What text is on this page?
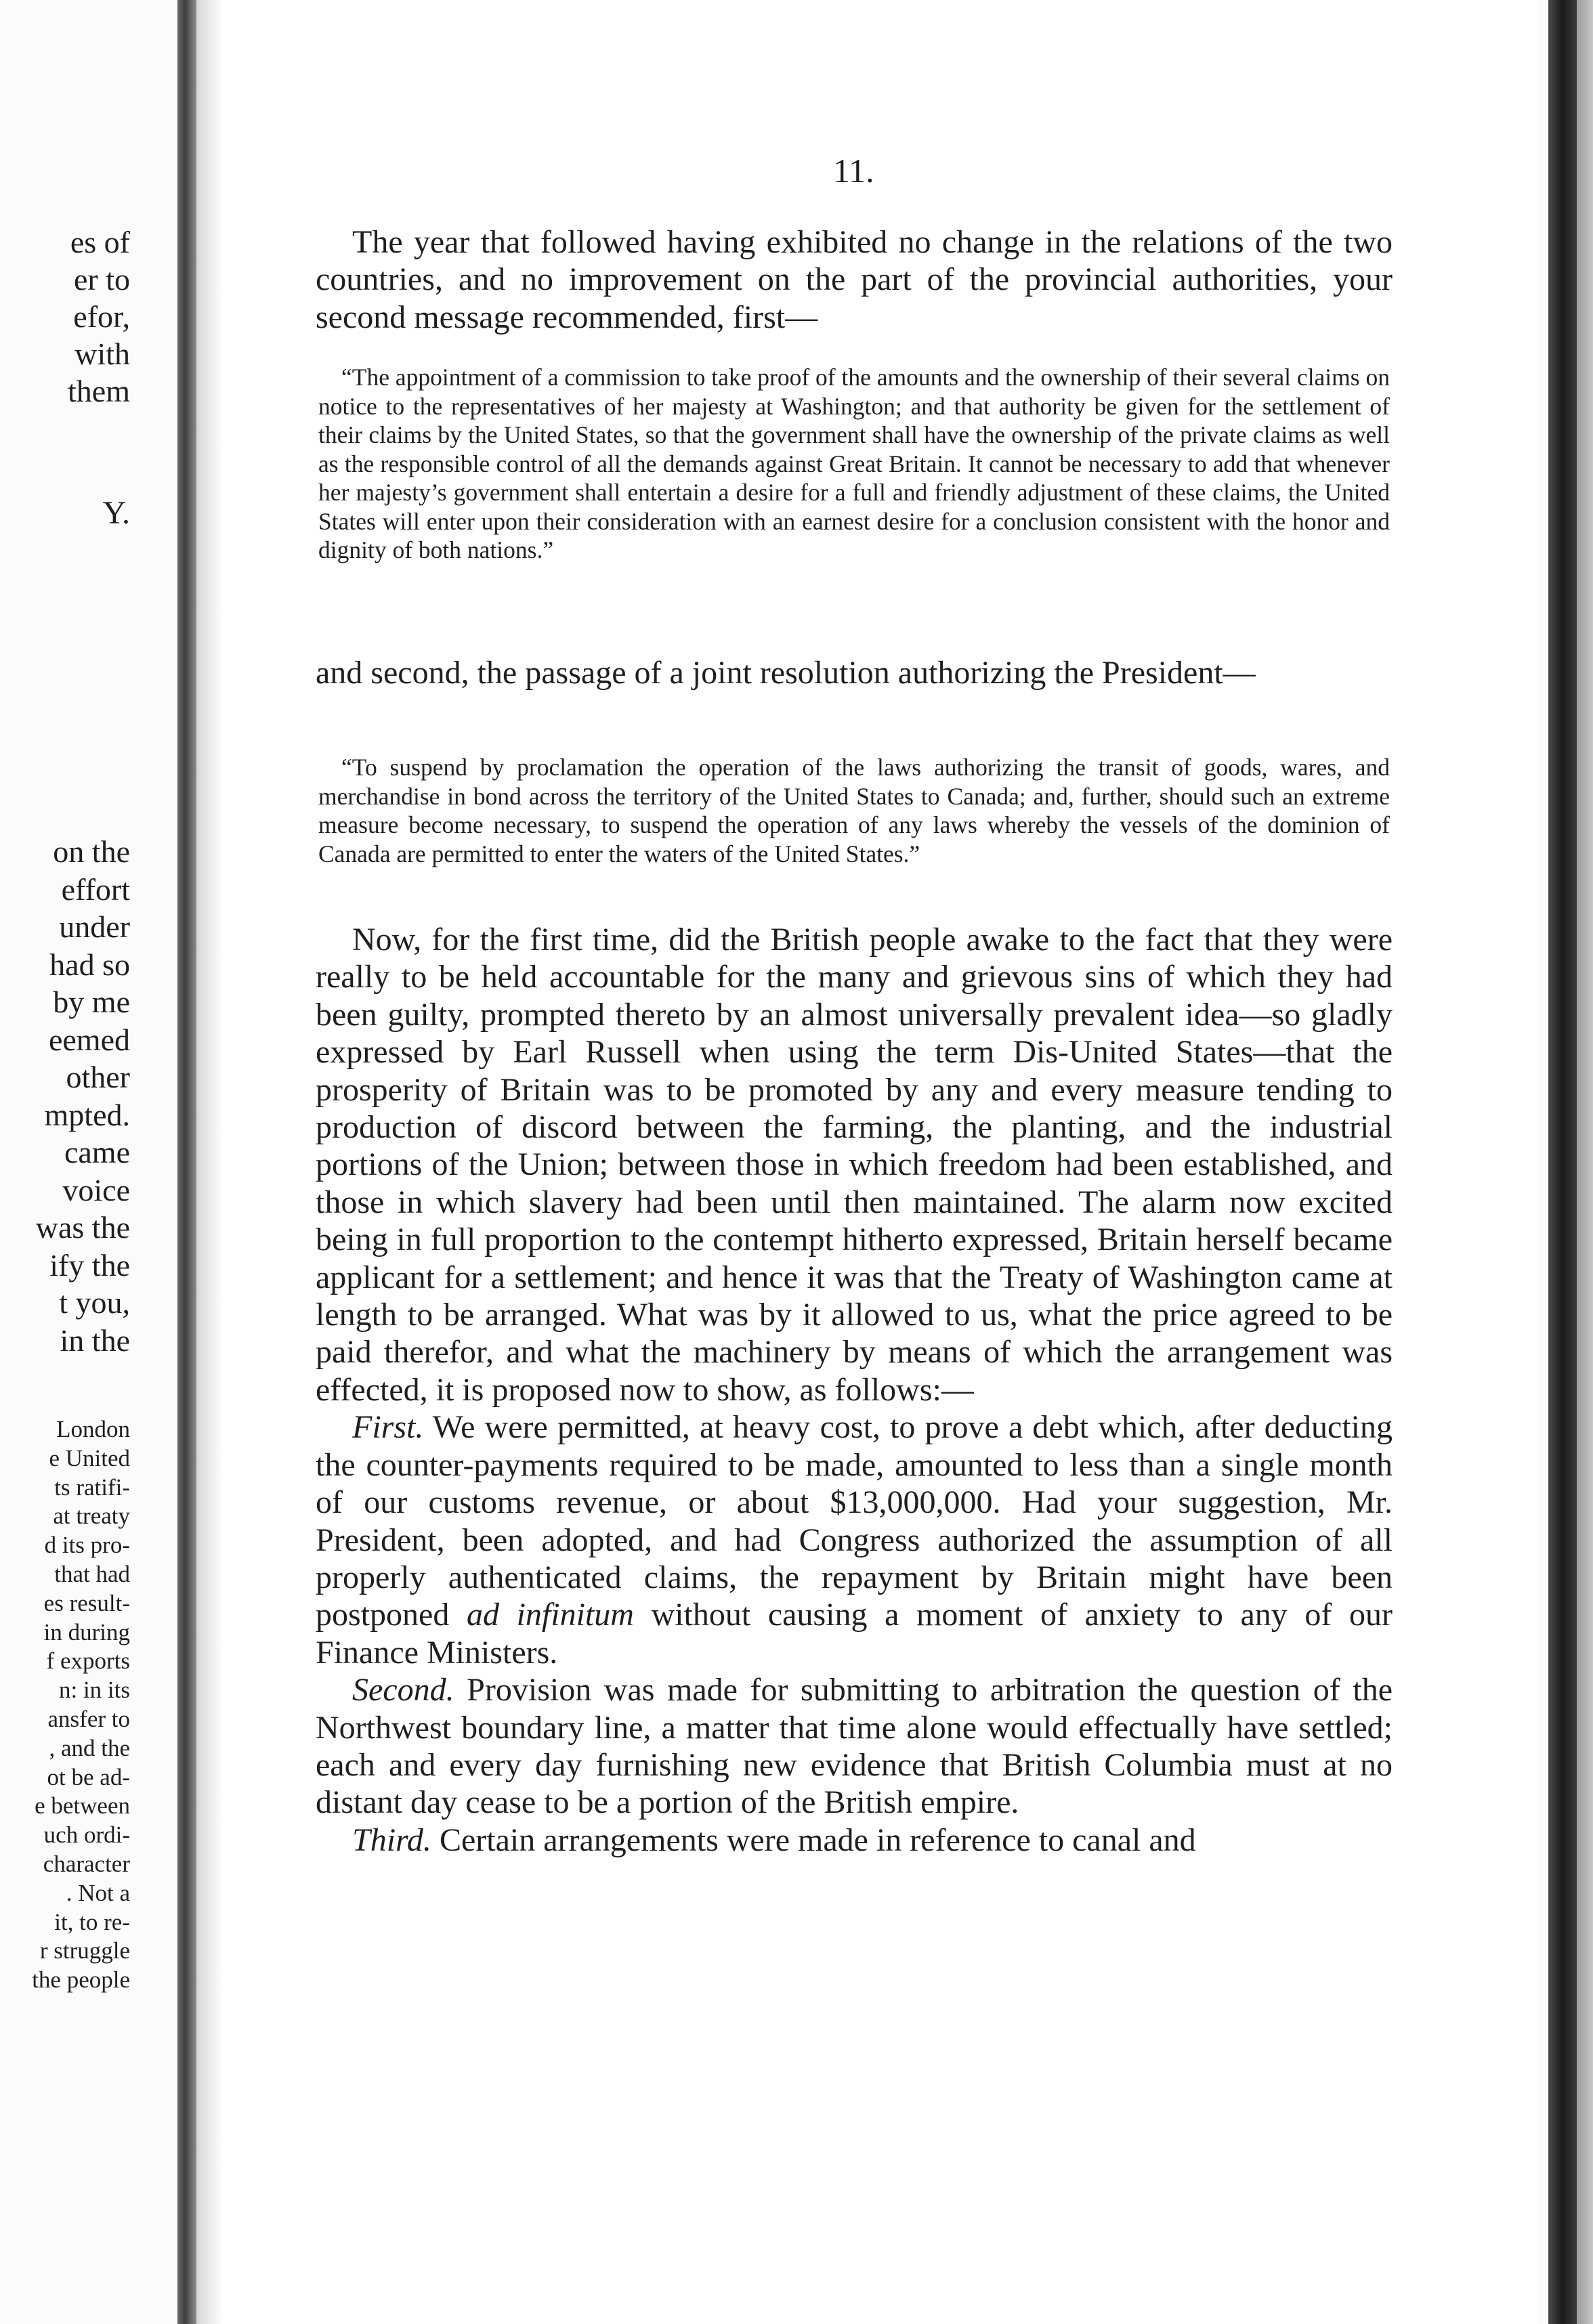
es of
er to
efor,
with
them
Y.
on the
effort
under
had so
by me
eemed
other
mpted.
came
voice
was the
ify the
t you,
in the
London
e United
ts ratifi-
at treaty
d its pro-
that had
es result-
in during
f exports
n: in its
ansfer to
, and the
ot be ad-
e between
uch ordi-
character
. Not a
it, to re-
r struggle
the people
11.

The year that followed having exhibited no change in the relations of the two countries, and no improvement on the part of the provincial authorities, your second message recommended, first—

“The appointment of a commission to take proof of the amounts and the ownership of their several claims on notice to the representatives of her majesty at Washington; and that authority be given for the settlement of their claims by the United States, so that the government shall have the ownership of the private claims as well as the responsible control of all the demands against Great Britain. It cannot be necessary to add that whenever her majesty’s government shall entertain a desire for a full and friendly adjustment of these claims, the United States will enter upon their consideration with an earnest desire for a conclusion consistent with the honor and dignity of both nations.”

and second, the passage of a joint resolution authorizing the President—

“To suspend by proclamation the operation of the laws authorizing the transit of goods, wares, and merchandise in bond across the territory of the United States to Canada; and, further, should such an extreme measure become necessary, to suspend the operation of any laws whereby the vessels of the dominion of Canada are permitted to enter the waters of the United States.”

Now, for the first time, did the British people awake to the fact that they were really to be held accountable for the many and grievous sins of which they had been guilty, prompted thereto by an almost universally prevalent idea—so gladly expressed by Earl Russell when using the term Dis-United States—that the prosperity of Britain was to be promoted by any and every measure tending to production of discord between the farming, the planting, and the industrial portions of the Union; between those in which freedom had been established, and those in which slavery had been until then maintained. The alarm now excited being in full proportion to the contempt hitherto expressed, Britain herself became applicant for a settlement; and hence it was that the Treaty of Washington came at length to be arranged. What was by it allowed to us, what the price agreed to be paid therefor, and what the machinery by means of which the arrangement was effected, it is proposed now to show, as follows:—

First. We were permitted, at heavy cost, to prove a debt which, after deducting the counter-payments required to be made, amounted to less than a single month of our customs revenue, or about $13,000,000. Had your suggestion, Mr. President, been adopted, and had Congress authorized the assumption of all properly authenticated claims, the repayment by Britain might have been postponed ad infinitum without causing a moment of anxiety to any of our Finance Ministers.

Second. Provision was made for submitting to arbitration the question of the Northwest boundary line, a matter that time alone would effectually have settled; each and every day furnishing new evidence that British Columbia must at no distant day cease to be a portion of the British empire.

Third. Certain arrangements were made in reference to canal and
